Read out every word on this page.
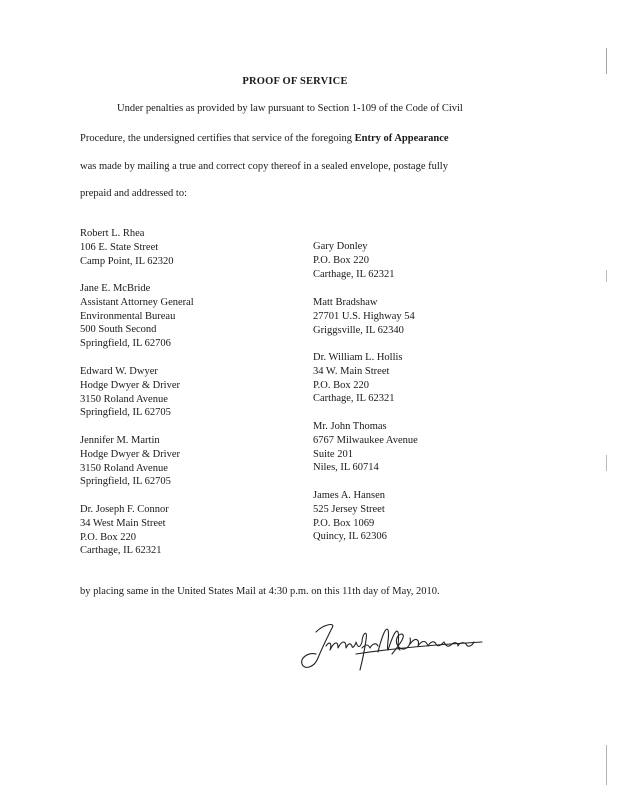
PROOF OF SERVICE
Under penalties as provided by law pursuant to Section 1-109 of the Code of Civil
Procedure, the undersigned certifies that service of the foregoing Entry of Appearance
was made by mailing a true and correct copy thereof in a sealed envelope, postage fully
prepaid and addressed to:
Robert L. Rhea
106 E. State Street
Camp Point, IL 62320
Jane E. McBride
Assistant Attorney General
Environmental Bureau
500 South Second
Springfield, IL 62706
Edward W. Dwyer
Hodge Dwyer & Driver
3150 Roland Avenue
Springfield, IL 62705
Jennifer M. Martin
Hodge Dwyer & Driver
3150 Roland Avenue
Springfield, IL 62705
Dr. Joseph F. Connor
34 West Main Street
P.O. Box 220
Carthage, IL 62321
Gary Donley
P.O. Box 220
Carthage, IL 62321
Matt Bradshaw
27701 U.S. Highway 54
Griggsville, IL 62340
Dr. William L. Hollis
34 W. Main Street
P.O. Box 220
Carthage, IL 62321
Mr. John Thomas
6767 Milwaukee Avenue
Suite 201
Niles, IL 60714
James A. Hansen
525 Jersey Street
P.O. Box 1069
Quincy, IL 62306
by placing same in the United States Mail at 4:30 p.m. on this 11th day of May, 2010.
